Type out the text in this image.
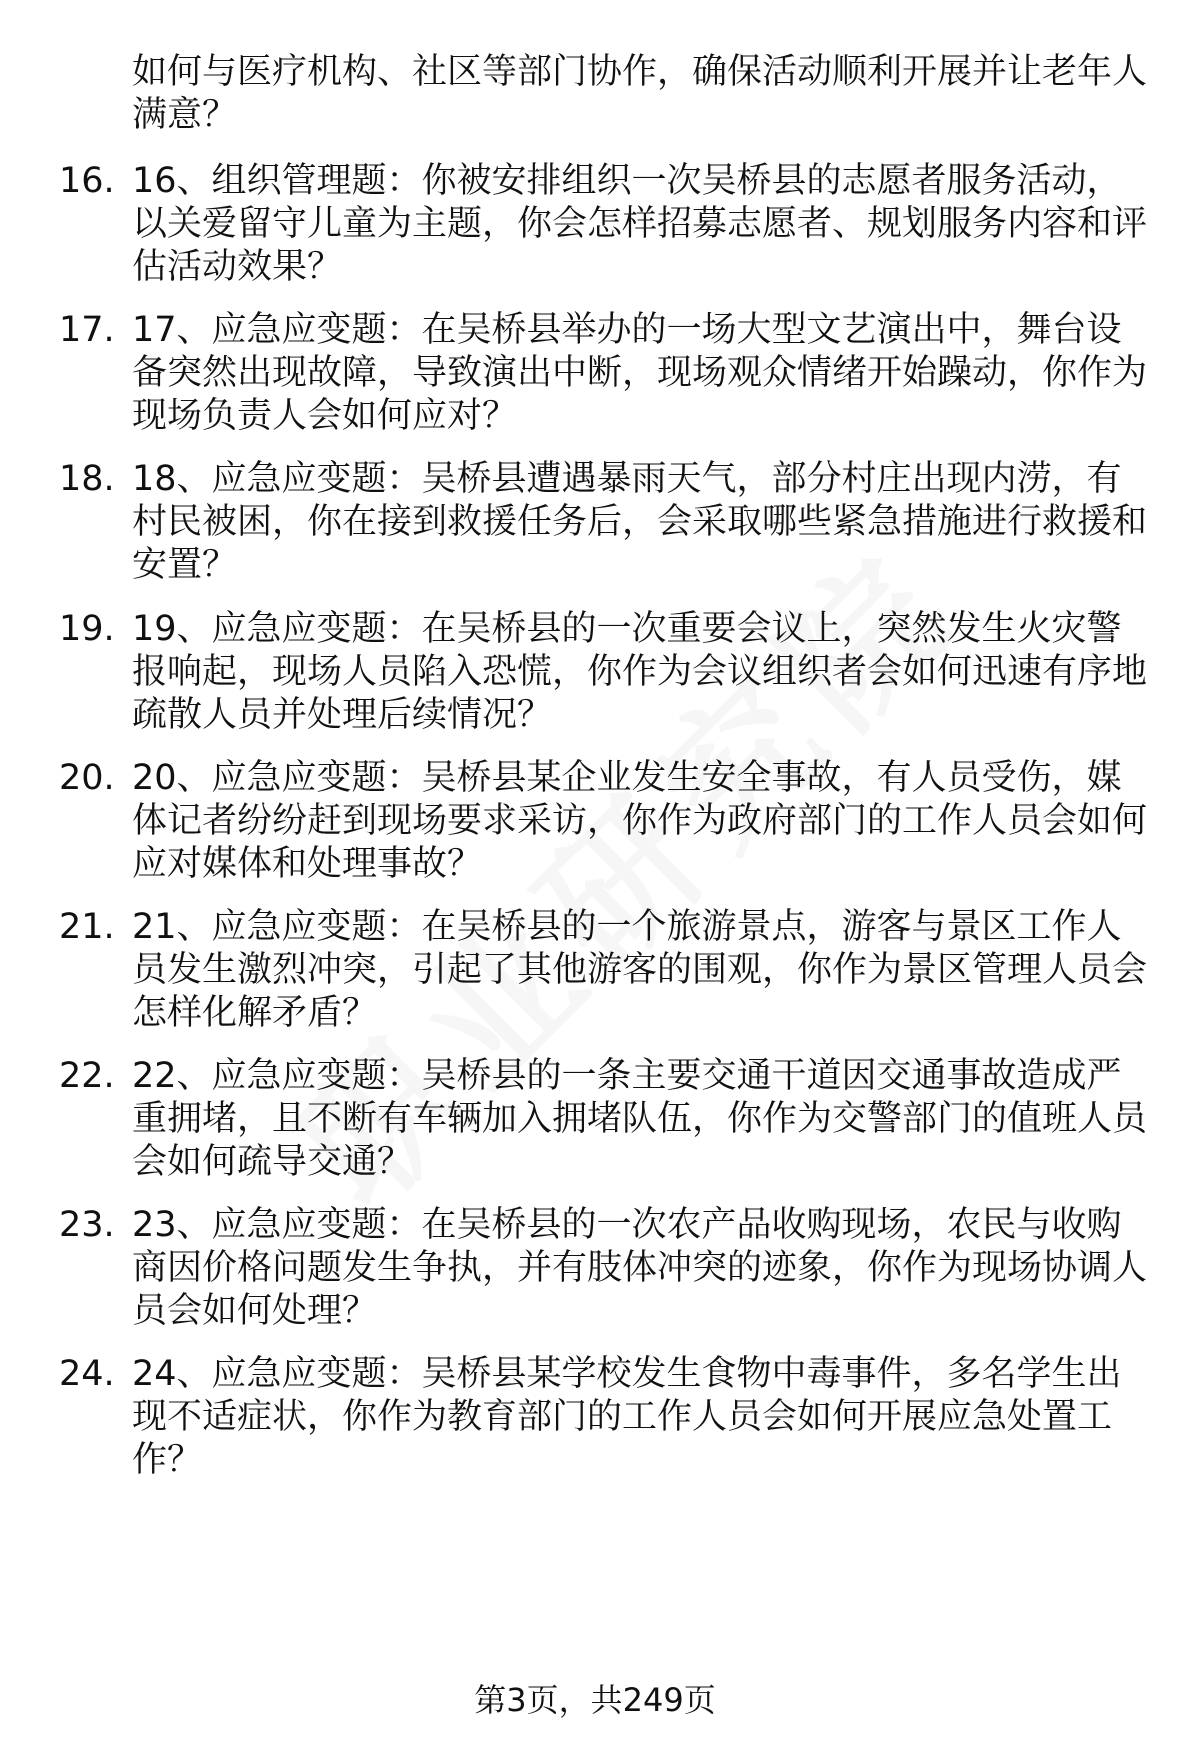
如何与医疗机构、社区等部门协作，确保活动顺利开展并让老年人满意？
16. 16、组织管理题：你被安排组织一次吴桥县的志愿者服务活动，以关爱留守儿童为主题，你会怎样招募志愿者、规划服务内容和评估活动效果？
17. 17、应急应变题：在吴桥县举办的一场大型文艺演出中，舞台设备突然出现故障，导致演出中断，现场观众情绪开始躁动，你作为现场负责人会如何应对？
18. 18、应急应变题：吴桥县遭遇暴雨天气，部分村庄出现内涝，有村民被困，你在接到救援任务后，会采取哪些紧急措施进行救援和安置？
19. 19、应急应变题：在吴桥县的一次重要会议上，突然发生火灾警报响起，现场人员陷入恐慌，你作为会议组织者会如何迅速有序地疏散人员并处理后续情况？
20. 20、应急应变题：吴桥县某企业发生安全事故，有人员受伤，媒体记者纷纷赶到现场要求采访，你作为政府部门的工作人员会如何应对媒体和处理事故？
21. 21、应急应变题：在吴桥县的一个旅游景点，游客与景区工作人员发生激烈冲突，引起了其他游客的围观，你作为景区管理人员会怎样化解矛盾？
22. 22、应急应变题：吴桥县的一条主要交通干道因交通事故造成严重拥堵，且不断有车辆加入拥堵队伍，你作为交警部门的值班人员会如何疏导交通？
23. 23、应急应变题：在吴桥县的一次农产品收购现场，农民与收购商因价格问题发生争执，并有肢体冲突的迹象，你作为现场协调人员会如何处理？
24. 24、应急应变题：吴桥县某学校发生食物中毒事件，多名学生出现不适症状，你作为教育部门的工作人员会如何开展应急处置工作？
第3页，共249页
